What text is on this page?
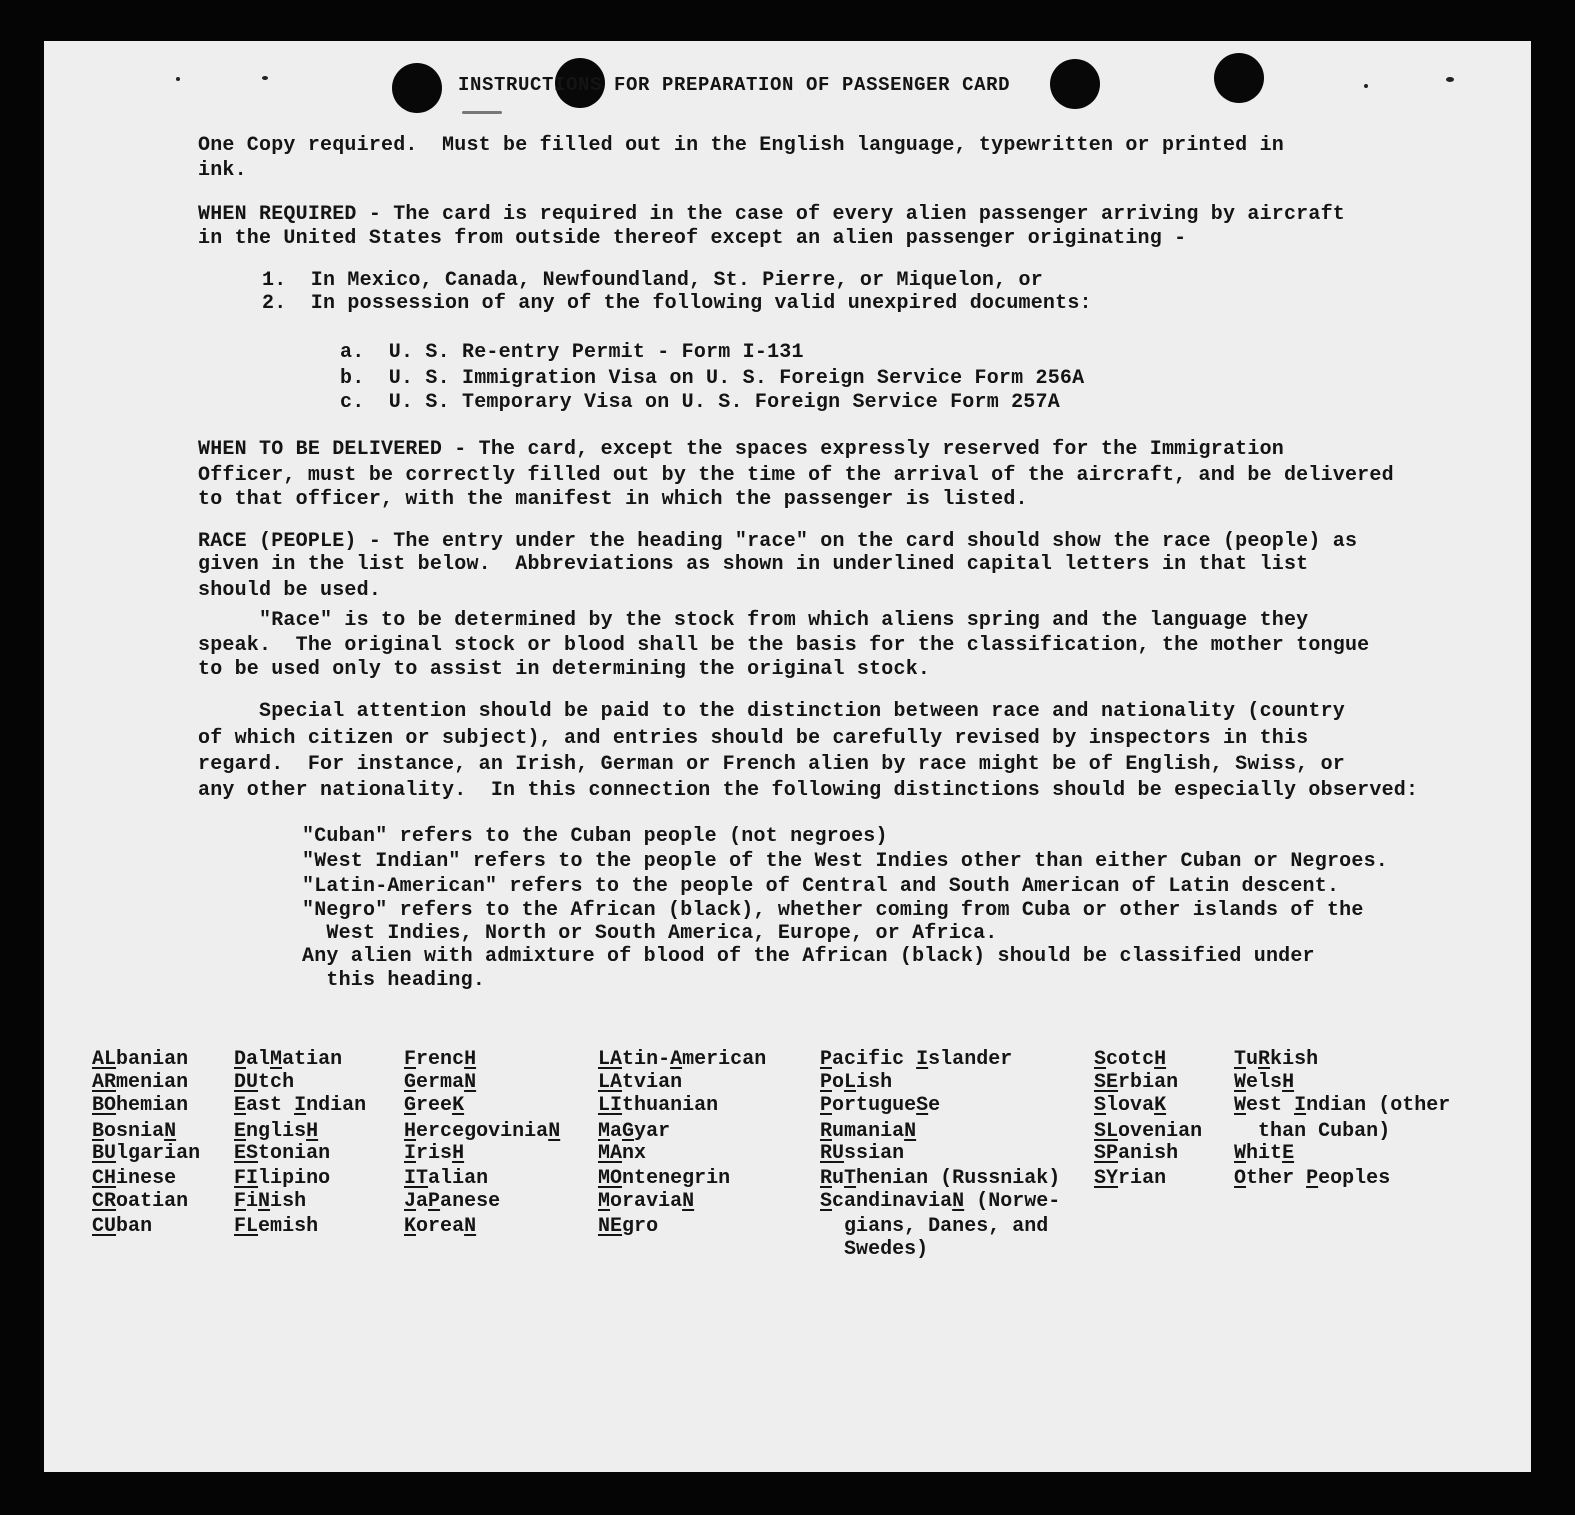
INSTRUCTIONS FOR PREPARATION OF PASSENGER CARD
One Copy required.  Must be filled out in the English language, typewritten or printed in
ink.
WHEN REQUIRED - The card is required in the case of every alien passenger arriving by aircraft
in the United States from outside thereof except an alien passenger originating -
1.  In Mexico, Canada, Newfoundland, St. Pierre, or Miquelon, or
2.  In possession of any of the following valid unexpired documents:
a.  U. S. Re-entry Permit - Form I-131
b.  U. S. Immigration Visa on U. S. Foreign Service Form 256A
c.  U. S. Temporary Visa on U. S. Foreign Service Form 257A
WHEN TO BE DELIVERED - The card, except the spaces expressly reserved for the Immigration
Officer, must be correctly filled out by the time of the arrival of the aircraft, and be delivered
to that officer, with the manifest in which the passenger is listed.
RACE (PEOPLE) - The entry under the heading "race" on the card should show the race (people) as
given in the list below.  Abbreviations as shown in underlined capital letters in that list
should be used.
"Race" is to be determined by the stock from which aliens spring and the language they
speak.  The original stock or blood shall be the basis for the classification, the mother tongue
to be used only to assist in determining the original stock.
Special attention should be paid to the distinction between race and nationality (country
of which citizen or subject), and entries should be carefully revised by inspectors in this
regard.  For instance, an Irish, German or French alien by race might be of English, Swiss, or
any other nationality.  In this connection the following distinctions should be especially observed:
"Cuban" refers to the Cuban people (not negroes)
"West Indian" refers to the people of the West Indies other than either Cuban or Negroes.
"Latin-American" refers to the people of Central and South American of Latin descent.
"Negro" refers to the African (black), whether coming from Cuba or other islands of the
West Indies, North or South America, Europe, or Africa.
Any alien with admixture of blood of the African (black) should be classified under
this heading.
ALbanian
ARmenian
BOhemian
BosniaN
BUlgarian
CHinese
CRoatian
CUban
DalMatian
DUtch
East Indian
EnglisH
EStonian
FIlipino
FiNish
FLemish
FrencH
GermaN
GreeK
HercegoviniaN
IrisH
ITalian
JaPanese
KoreaN
LAtin-American
LAtvian
LIthuanian
MaGyar
MAnx
MOntenegrin
MoraviaN
NEgro
Pacific Islander
PoLish
PortugueSe
RumaniaN
RUssian
RuThenian (Russniak)
ScandinaviaN (Norwe-
gians, Danes, and
Swedes)
ScotcH
SErbian
SlovaK
SLovenian
SPanish
SYrian
TuRkish
WelsH
West Indian (other
than Cuban)
WhitE
Other Peoples
